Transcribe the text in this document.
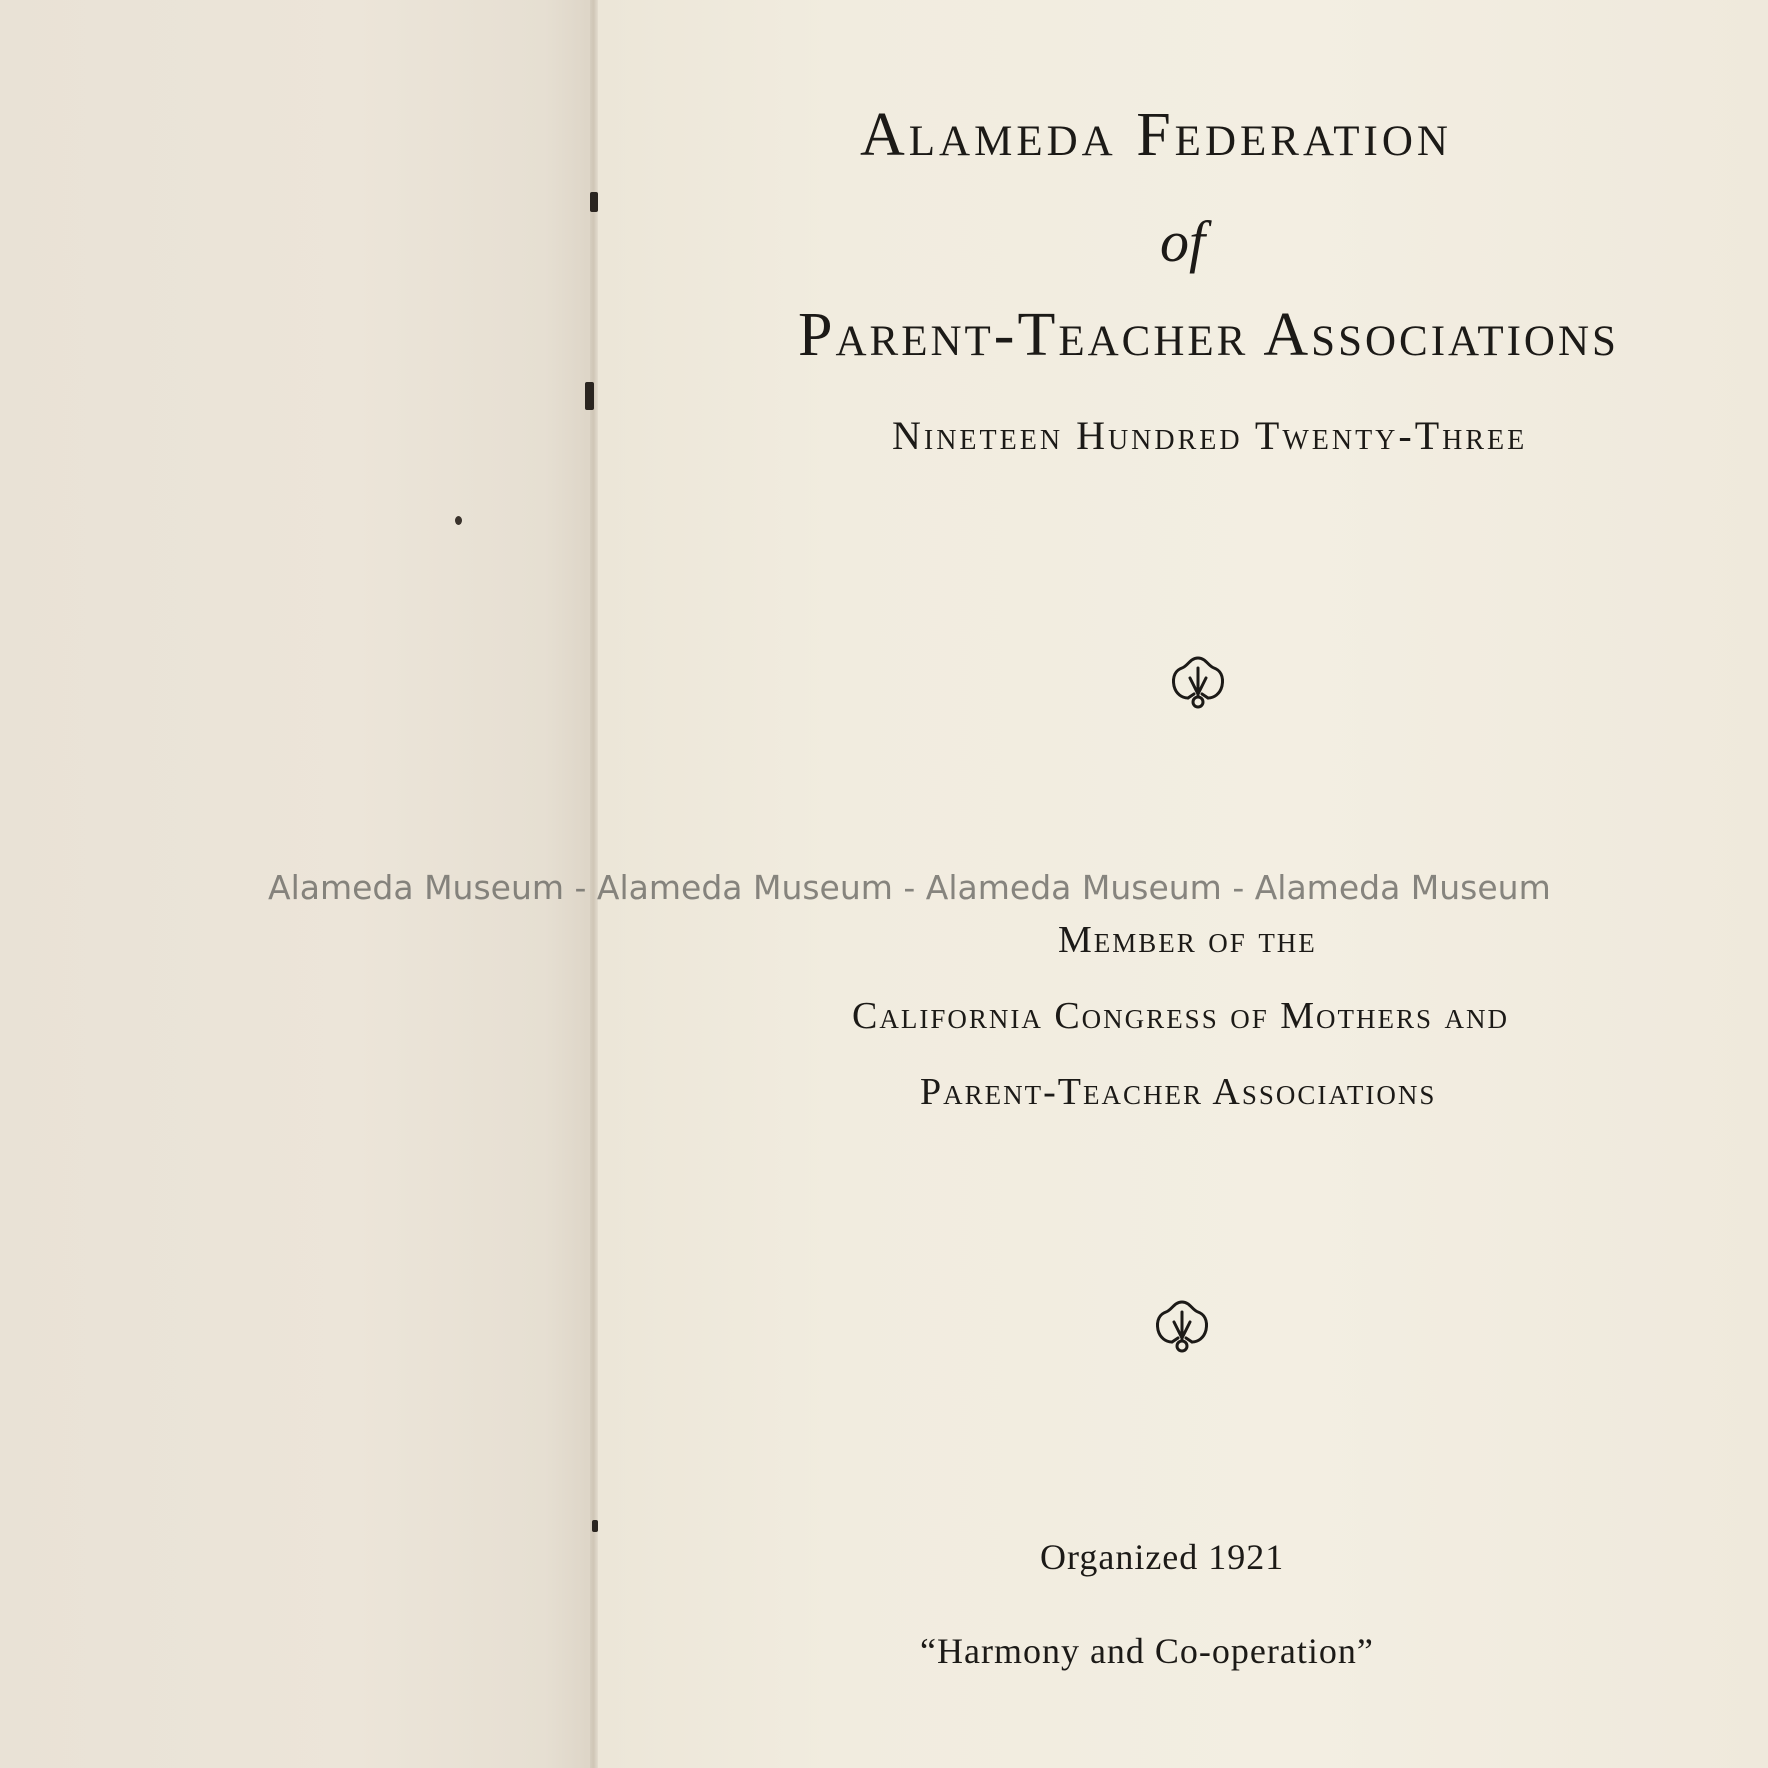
Alameda Federation
of
Parent-Teacher Associations
Nineteen Hundred Twenty-Three
Alameda Museum - Alameda Museum - Alameda Museum - Alameda Museum
Member of the
California Congress of Mothers and
Parent-Teacher Associations
Organized 1921
“Harmony and Co-operation”
